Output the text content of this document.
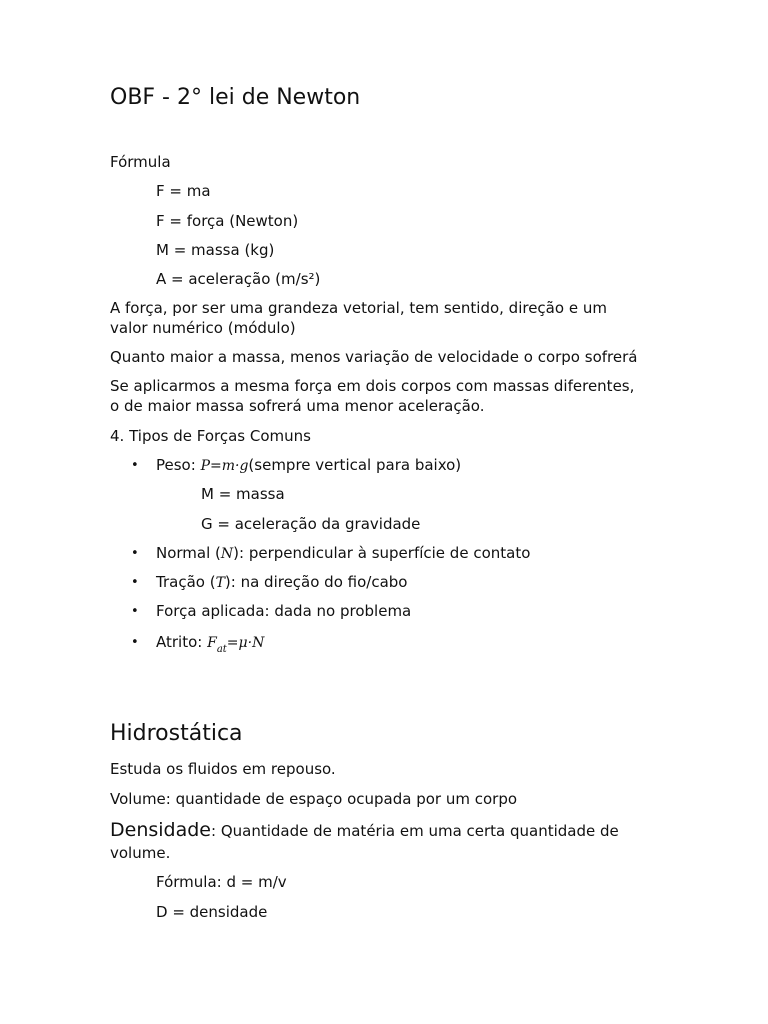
OBF - 2° lei de Newton
Fórmula
F = ma
F = força (Newton)
M = massa (kg)
A = aceleração (m/s²)
A força, por ser uma grandeza vetorial, tem sentido, direção e um
valor numérico (módulo)
Quanto maior a massa, menos variação de velocidade o corpo sofrerá
Se aplicarmos a mesma força em dois corpos com massas diferentes,
o de maior massa sofrerá uma menor aceleração.
4. Tipos de Forças Comuns
• Peso: P=m·g(sempre vertical para baixo)
M = massa
G = aceleração da gravidade
• Normal (N): perpendicular à superfície de contato
• Tração (T): na direção do fio/cabo
• Força aplicada: dada no problema
• Atrito: $F_{at}=\mu\cdot N$
Hidrostática
Estuda os fluidos em repouso.
Volume: quantidade de espaço ocupada por um corpo
Densidade: Quantidade de matéria em uma certa quantidade de
volume.
Fórmula: d = m/v
D = densidade
